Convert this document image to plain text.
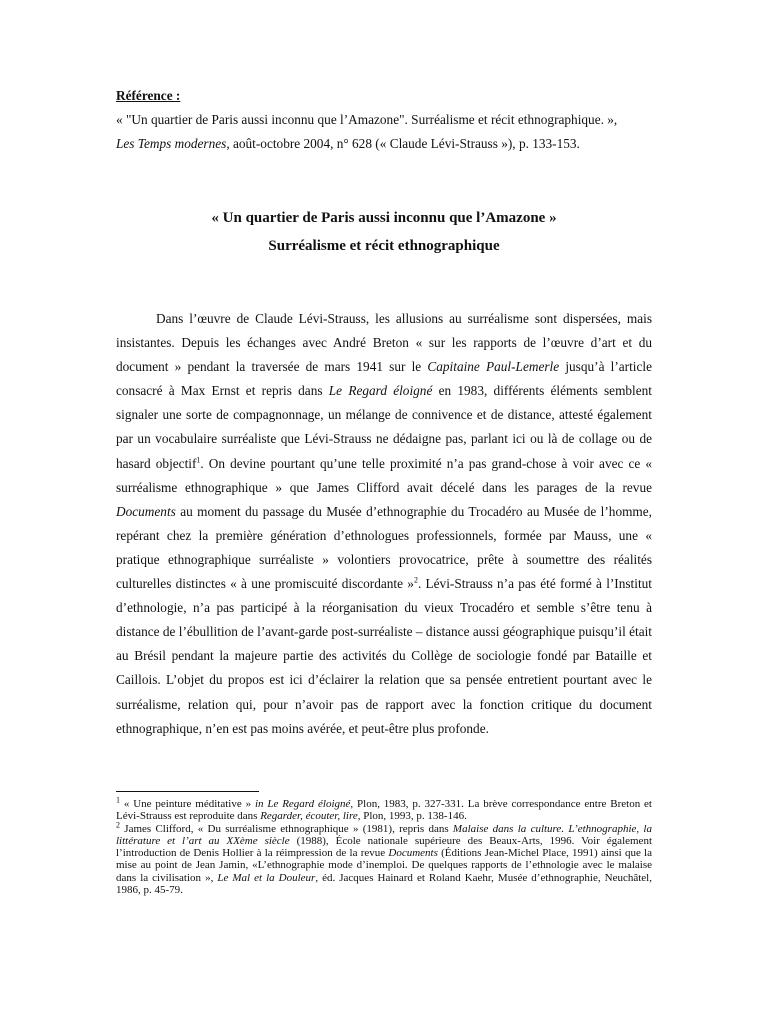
Référence :
« "Un quartier de Paris aussi inconnu que l’Amazone". Surréalisme et récit ethnographique. »,
Les Temps modernes, août-octobre 2004, n° 628 (« Claude Lévi-Strauss »), p. 133-153.
« Un quartier de Paris aussi inconnu que l’Amazone »
Surréalisme et récit ethnographique

Dans l’œuvre de Claude Lévi-Strauss, les allusions au surréalisme sont dispersées, mais insistantes. Depuis les échanges avec André Breton « sur les rapports de l’œuvre d’art et du document » pendant la traversée de mars 1941 sur le Capitaine Paul-Lemerle jusqu’à l’article consacré à Max Ernst et repris dans Le Regard éloigné en 1983, différents éléments semblent signaler une sorte de compagnonnage, un mélange de connivence et de distance, attesté également par un vocabulaire surréaliste que Lévi-Strauss ne dédaigne pas, parlant ici ou là de collage ou de hasard objectif$^1$. On devine pourtant qu’une telle proximité n’a pas grand-chose à voir avec ce « surréalisme ethnographique » que James Clifford avait décelé dans les parages de la revue Documents au moment du passage du Musée d’ethnographie du Trocadéro au Musée de l’homme, repérant chez la première génération d’ethnologues professionnels, formée par Mauss, une « pratique ethnographique surréaliste » volontiers provocatrice, prête à soumettre des réalités culturelles distinctes « à une promiscuité discordante »$^2$. Lévi-Strauss n’a pas été formé à l’Institut d’ethnologie, n’a pas participé à la réorganisation du vieux Trocadéro et semble s’être tenu à distance de l’ébullition de l’avant-garde post-surréaliste – distance aussi géographique puisqu’il était au Brésil pendant la majeure partie des activités du Collège de sociologie fondé par Bataille et Caillois. L’objet du propos est ici d’éclairer la relation que sa pensée entretient pourtant avec le surréalisme, relation qui, pour n’avoir pas de rapport avec la fonction critique du document ethnographique, n’en est pas moins avérée, et peut-être plus profonde.

$^1$ « Une peinture méditative » in Le Regard éloigné, Plon, 1983, p. 327-331. La brève correspondance entre Breton et Lévi-Strauss est reproduite dans Regarder, écouter, lire, Plon, 1993, p. 138-146.

$^2$ James Clifford, « Du surréalisme ethnographique » (1981), repris dans Malaise dans la culture. L’ethnographie, la littérature et l’art au XXème siècle (1988), École nationale supérieure des Beaux-Arts, 1996. Voir également l’introduction de Denis Hollier à la réimpression de la revue Documents (Éditions Jean-Michel Place, 1991) ainsi que la mise au point de Jean Jamin, «L’ethnographie mode d’inemploi. De quelques rapports de l’ethnologie avec le malaise dans la civilisation », Le Mal et la Douleur, éd. Jacques Hainard et Roland Kaehr, Musée d’ethnographie, Neuchâtel, 1986, p. 45-79.
